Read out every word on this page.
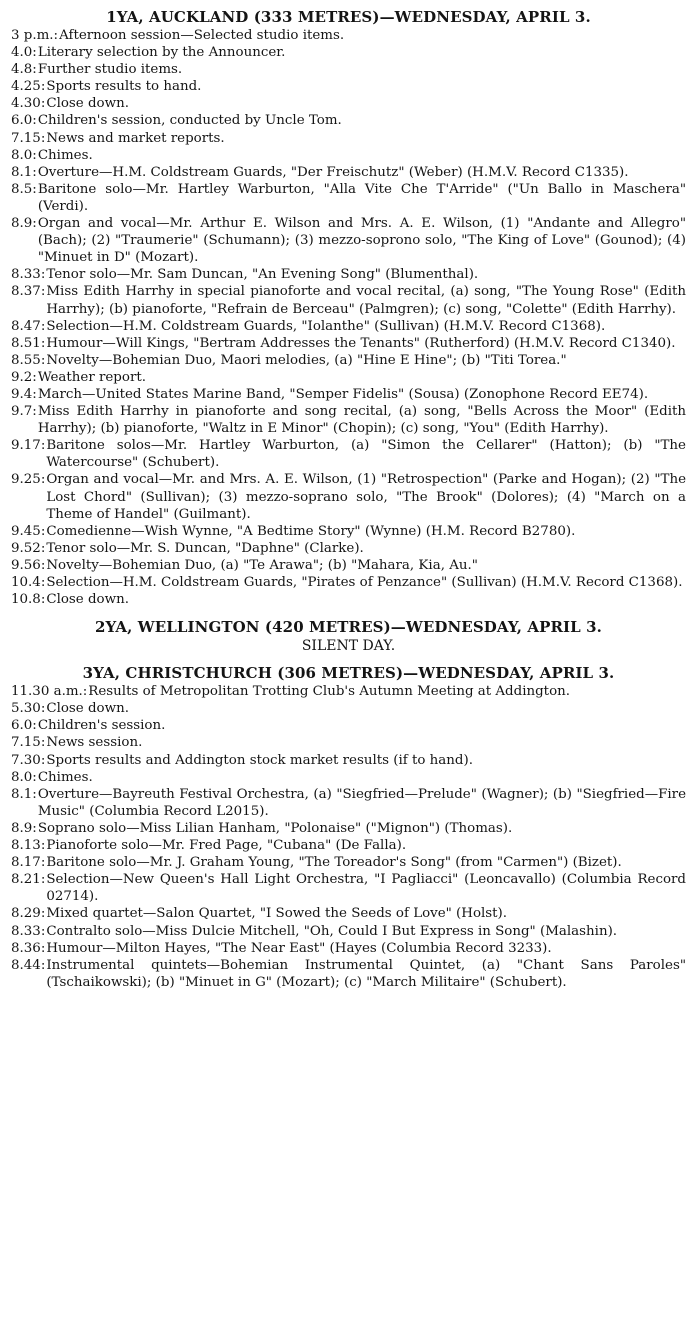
1YA, AUCKLAND (333 METRES)—WEDNESDAY, APRIL 3.
3 p.m.: Afternoon session—Selected studio items.
4.0: Literary selection by the Announcer.
4.8: Further studio items.
4.25: Sports results to hand.
4.30: Close down.
6.0: Children's session, conducted by Uncle Tom.
7.15: News and market reports.
8.0: Chimes.
8.1: Overture—H.M. Coldstream Guards, "Der Freischutz" (Weber) (H.M.V. Record C1335).
8.5: Baritone solo—Mr. Hartley Warburton, "Alla Vite Che T'Arride" ("Un Ballo in Maschera" (Verdi).
8.9: Organ and vocal—Mr. Arthur E. Wilson and Mrs. A. E. Wilson, (1) "Andante and Allegro" (Bach); (2) "Traumerie" (Schumann); (3) mezzo-soprono solo, "The King of Love" (Gounod); (4) "Minuet in D" (Mozart).
8.33: Tenor solo—Mr. Sam Duncan, "An Evening Song" (Blumenthal).
8.37: Miss Edith Harrhy in special pianoforte and vocal recital, (a) song, "The Young Rose" (Edith Harrhy); (b) pianoforte, "Refrain de Berceau" (Palmgren); (c) song, "Colette" (Edith Harrhy).
8.47: Selection—H.M. Coldstream Guards, "Iolanthe" (Sullivan) (H.M.V. Record C1368).
8.51: Humour—Will Kings, "Bertram Addresses the Tenants" (Rutherford) (H.M.V. Record C1340).
8.55: Novelty—Bohemian Duo, Maori melodies, (a) "Hine E Hine"; (b) "Titi Torea."
9.2: Weather report.
9.4: March—United States Marine Band, "Semper Fidelis" (Sousa) (Zonophone Record EE74).
9.7: Miss Edith Harrhy in pianoforte and song recital, (a) song, "Bells Across the Moor" (Edith Harrhy); (b) pianoforte, "Waltz in E Minor" (Chopin); (c) song, "You" (Edith Harrhy).
9.17: Baritone solos—Mr. Hartley Warburton, (a) "Simon the Cellarer" (Hatton); (b) "The Watercourse" (Schubert).
9.25: Organ and vocal—Mr. and Mrs. A. E. Wilson, (1) "Retrospection" (Parke and Hogan); (2) "The Lost Chord" (Sullivan); (3) mezzo-soprano solo, "The Brook" (Dolores); (4) "March on a Theme of Handel" (Guilmant).
9.45: Comedienne—Wish Wynne, "A Bedtime Story" (Wynne) (H.M. Record B2780).
9.52: Tenor solo—Mr. S. Duncan, "Daphne" (Clarke).
9.56: Novelty—Bohemian Duo, (a) "Te Arawa"; (b) "Mahara, Kia, Au."
10.4: Selection—H.M. Coldstream Guards, "Pirates of Penzance" (Sullivan) (H.M.V. Record C1368).
10.8: Close down.
2YA, WELLINGTON (420 METRES)—WEDNESDAY, APRIL 3.

SILENT DAY.

3YA, CHRISTCHURCH (306 METRES)—WEDNESDAY, APRIL 3.
11.30 a.m.: Results of Metropolitan Trotting Club's Autumn Meeting at Addington.
5.30: Close down.
6.0: Children's session.
7.15: News session.
7.30: Sports results and Addington stock market results (if to hand).
8.0: Chimes.
8.1: Overture—Bayreuth Festival Orchestra, (a) "Siegfried—Prelude" (Wagner); (b) "Siegfried—Fire Music" (Columbia Record L2015).
8.9: Soprano solo—Miss Lilian Hanham, "Polonaise" ("Mignon") (Thomas).
8.13: Pianoforte solo—Mr. Fred Page, "Cubana" (De Falla).
8.17: Baritone solo—Mr. J. Graham Young, "The Toreador's Song" (from "Carmen") (Bizet).
8.21: Selection—New Queen's Hall Light Orchestra, "I Pagliacci" (Leoncavallo) (Columbia Record 02714).
8.29: Mixed quartet—Salon Quartet, "I Sowed the Seeds of Love" (Holst).
8.33: Contralto solo—Miss Dulcie Mitchell, "Oh, Could I But Express in Song" (Malashin).
8.36: Humour—Milton Hayes, "The Near East" (Hayes (Columbia Record 3233).
8.44: Instrumental quintets—Bohemian Instrumental Quintet, (a) "Chant Sans Paroles" (Tschaikowski); (b) "Minuet in G" (Mozart); (c) "March Militaire" (Schubert).
